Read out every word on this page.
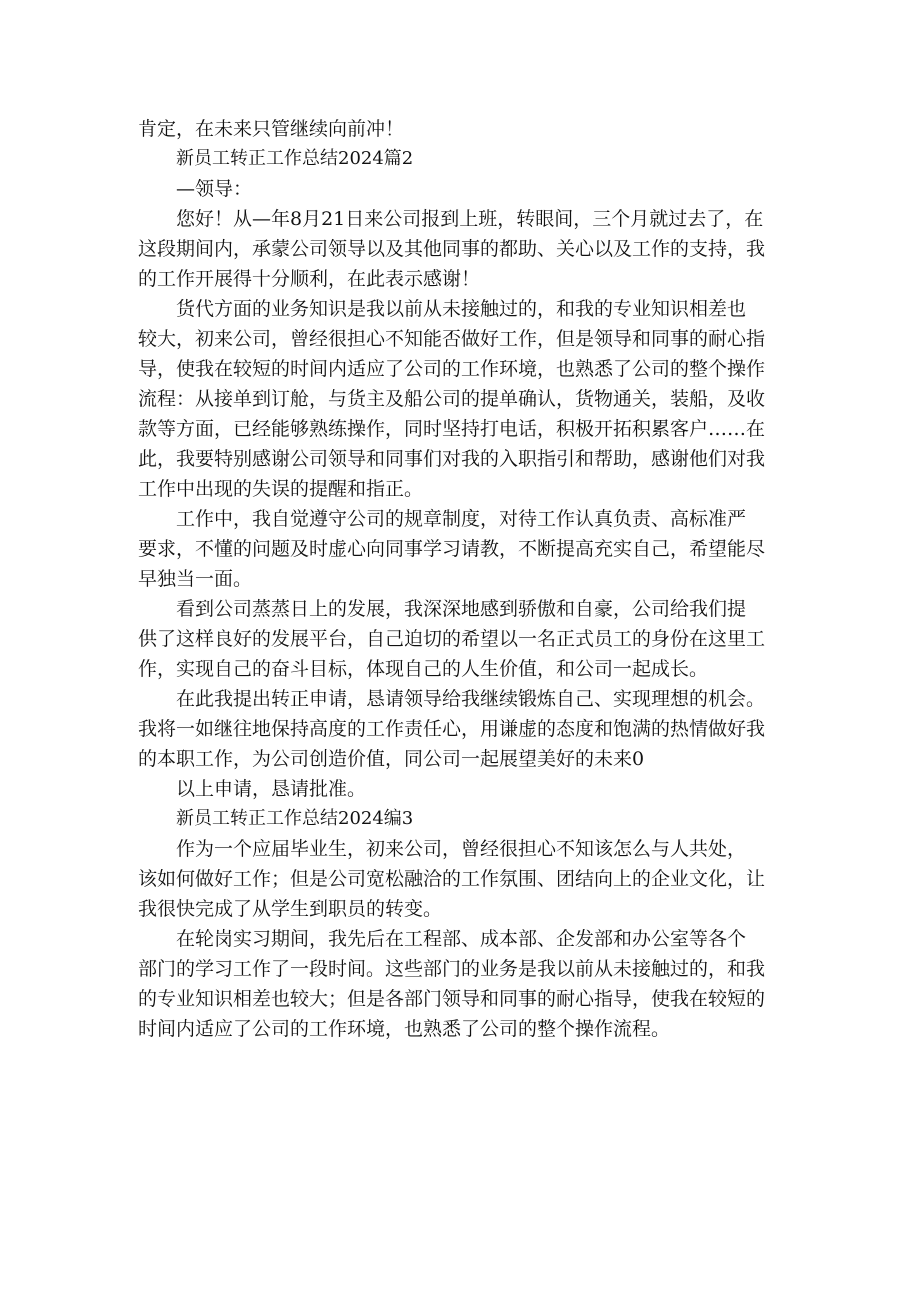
肯定，在未来只管继续向前冲！

新员工转正工作总结2024篇2

—领导：

您好！从—年8月21日来公司报到上班，转眼间，三个月就过去了，在

这段期间内，承蒙公司领导以及其他同事的都助、关心以及工作的支持，我

的工作开展得十分顺利，在此表示感谢！

货代方面的业务知识是我以前从未接触过的，和我的专业知识相差也

较大，初来公司，曾经很担心不知能否做好工作，但是领导和同事的耐心指

导，使我在较短的时间内适应了公司的工作环境，也熟悉了公司的整个操作

流程：从接单到订舱，与货主及船公司的提单确认，货物通关，装船，及收

款等方面，已经能够熟练操作，同时坚持打电话，积极开拓积累客户……在

此，我要特别感谢公司领导和同事们对我的入职指引和帮助，感谢他们对我

工作中出现的失误的提醒和指正。

工作中，我自觉遵守公司的规章制度，对待工作认真负责、高标准严

要求，不懂的问题及时虚心向同事学习请教，不断提高充实自己，希望能尽

早独当一面。

看到公司蒸蒸日上的发展，我深深地感到骄傲和自豪，公司给我们提

供了这样良好的发展平台，自己迫切的希望以一名正式员工的身份在这里工

作，实现自己的奋斗目标，体现自己的人生价值，和公司一起成长。

在此我提出转正申请，恳请领导给我继续锻炼自己、实现理想的机会。

我将一如继往地保持高度的工作责任心，用谦虚的态度和饱满的热情做好我

的本职工作，为公司创造价值，同公司一起展望美好的未来0

以上申请，恳请批准。

新员工转正工作总结2024编3

作为一个应届毕业生，初来公司，曾经很担心不知该怎么与人共处，

该如何做好工作；但是公司宽松融洽的工作氛围、团结向上的企业文化，让

我很快完成了从学生到职员的转变。

在轮岗实习期间，我先后在工程部、成本部、企发部和办公室等各个

部门的学习工作了一段时间。这些部门的业务是我以前从未接触过的，和我

的专业知识相差也较大；但是各部门领导和同事的耐心指导，使我在较短的

时间内适应了公司的工作环境，也熟悉了公司的整个操作流程。
